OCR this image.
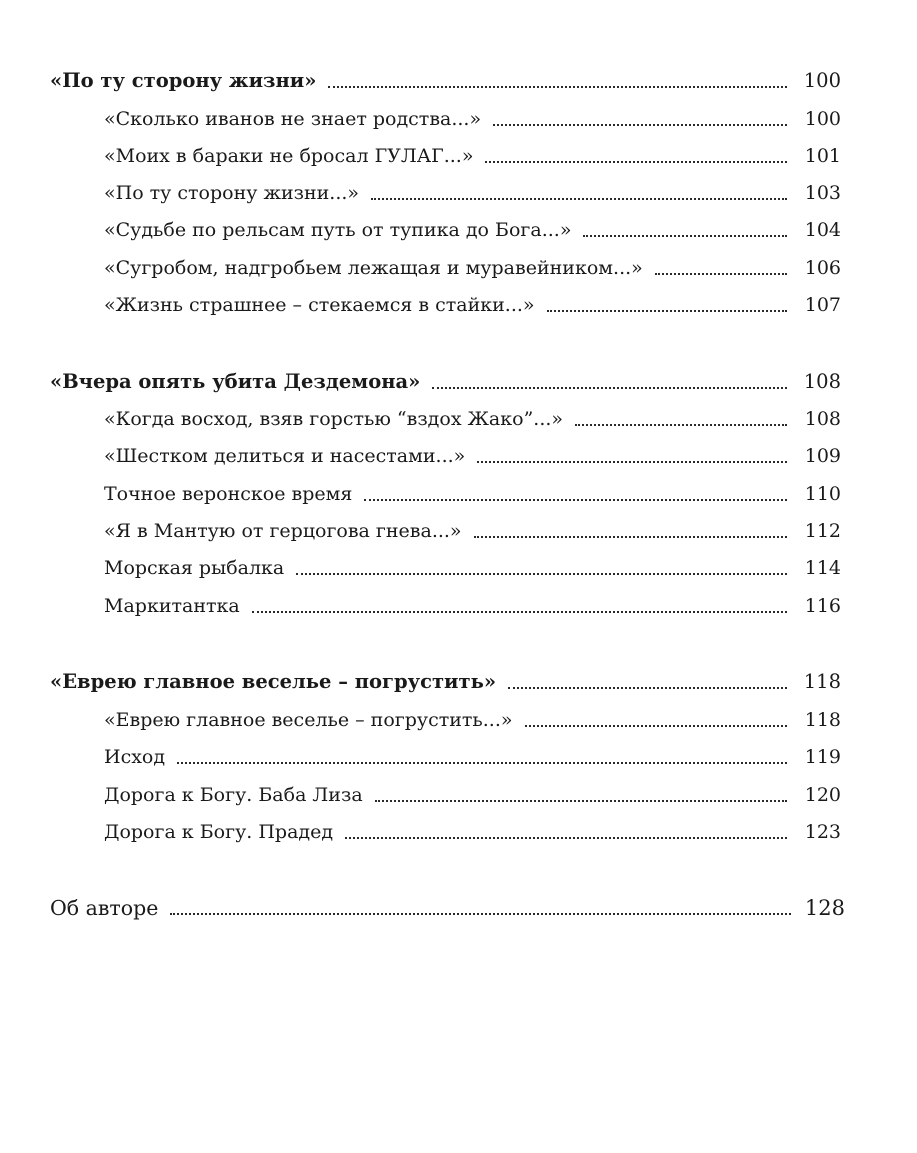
«По ту сторону жизни»	100
«Сколько иванов не знает родства...»	100
«Моих в бараки не бросал ГУЛАГ...»	101
«По ту сторону жизни...»	103
«Судьбе по рельсам путь от тупика до Бога...»	104
«Сугробом, надгробьем лежащая и муравейником...»	106
«Жизнь страшнее – стекаемся в стайки...»	107
«Вчера опять убита Дездемона»	108
«Когда восход, взяв горстью “вздох Жако”...»	108
«Шестком делиться и насестами...»	109
Точное веронское время	110
«Я в Мантую от герцогова гнева...»	112
Морская рыбалка	114
Маркитантка	116
«Еврею главное веселье – погрустить»	118
«Еврею главное веселье – погрустить...»	118
Исход	119
Дорога к Богу. Баба Лиза	120
Дорога к Богу. Прадед	123
Об авторе	128
